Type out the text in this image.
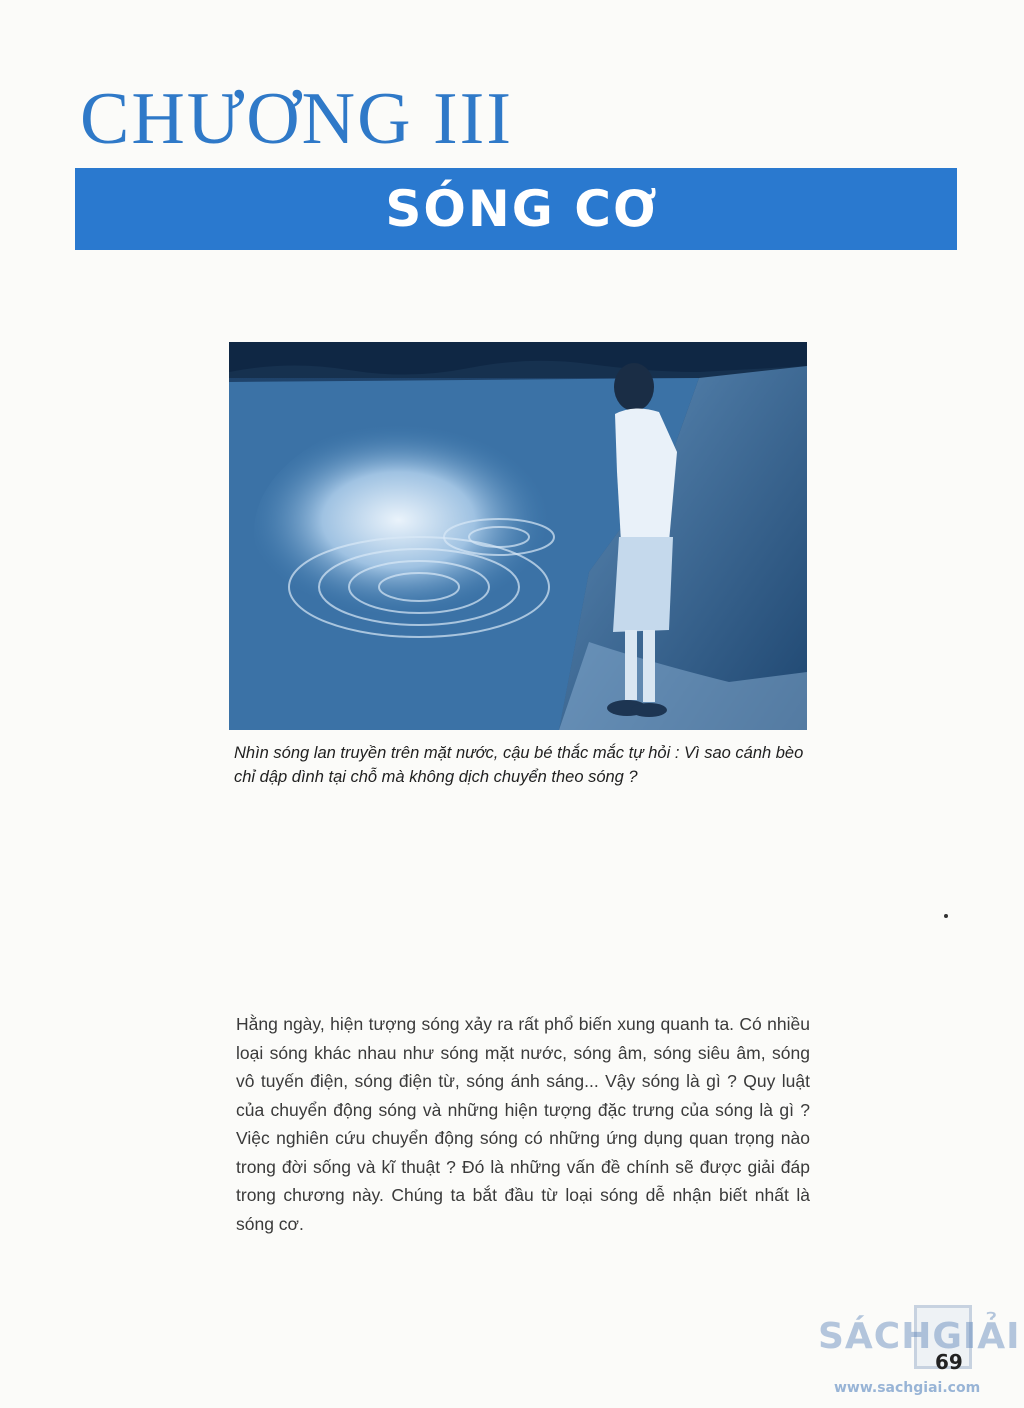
CHƯƠNG III
SÓNG CƠ

Nhìn sóng lan truyền trên mặt nước, cậu bé thắc mắc tự hỏi : Vì sao cánh bèo chỉ dập dình tại chỗ mà không dịch chuyển theo sóng ?

Hằng ngày, hiện tượng sóng xảy ra rất phổ biến xung quanh ta. Có nhiều loại sóng khác nhau như sóng mặt nước, sóng âm, sóng siêu âm, sóng vô tuyến điện, sóng điện từ, sóng ánh sáng... Vậy sóng là gì ? Quy luật của chuyển động sóng và những hiện tượng đặc trưng của sóng là gì ? Việc nghiên cứu chuyển động sóng có những ứng dụng quan trọng nào trong đời sống và kĩ thuật ? Đó là những vấn đề chính sẽ được giải đáp trong chương này. Chúng ta bắt đầu từ loại sóng dễ nhận biết nhất là sóng cơ.

SÁCHGIẢI
www.sachgiai.com
69
